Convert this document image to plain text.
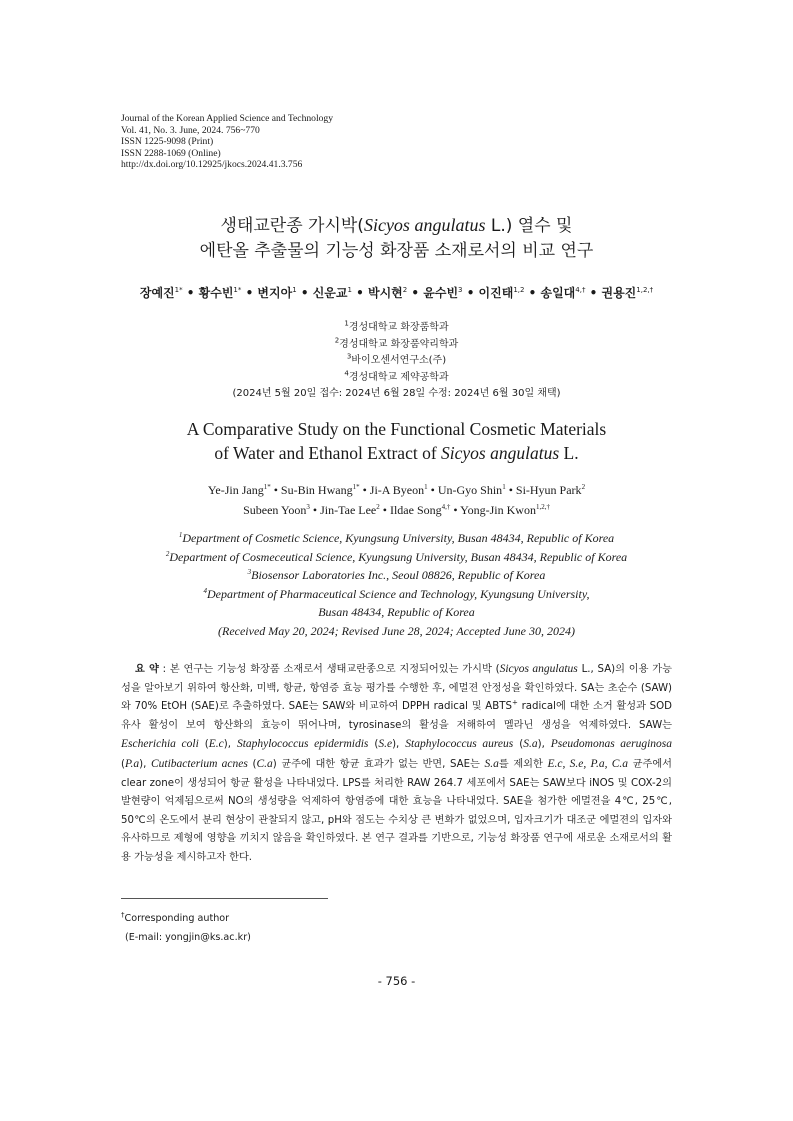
Journal of the Korean Applied Science and Technology
Vol. 41, No. 3. June, 2024. 756~770
ISSN 1225-9098 (Print)
ISSN 2288-1069 (Online)
http://dx.doi.org/10.12925/jkocs.2024.41.3.756
생태교란종 가시박(Sicyos angulatus L.) 열수 및
에탄올 추출물의 기능성 화장품 소재로서의 비교 연구
장예진$^{1*}$ • 황수빈$^{1*}$ • 변지아$^1$ • 신운교$^1$ • 박시현$^2$ • 윤수빈$^3$ • 이진태$^{1,2}$ • 송일대$^{4,\dagger}$ • 권용진$^{1,2,\dagger}$
$^1$경성대학교 화장품학과
$^2$경성대학교 화장품약리학과
$^3$바이오센서연구소(주)
$^4$경성대학교 제약공학과
(2024년 5월 20일 접수: 2024년 6월 28일 수정: 2024년 6월 30일 채택)
A Comparative Study on the Functional Cosmetic Materials
of Water and Ethanol Extract of Sicyos angulatus L.
Ye-Jin Jang$^{1*}$ • Su-Bin Hwang$^{1*}$ • Ji-A Byeon$^1$ • Un-Gyo Shin$^1$ • Si-Hyun Park$^2$
Subeen Yoon$^3$ • Jin-Tae Lee$^2$ • Ildae Song$^{4,\dagger}$ • Yong-Jin Kwon$^{1,2,\dagger}$
$^1$Department of Cosmetic Science, Kyungsung University, Busan 48434, Republic of Korea
$^2$Department of Cosmeceutical Science, Kyungsung University, Busan 48434, Republic of Korea
$^3$Biosensor Laboratories Inc., Seoul 08826, Republic of Korea
$^4$Department of Pharmaceutical Science and Technology, Kyungsung University,
Busan 48434, Republic of Korea
(Received May 20, 2024; Revised June 28, 2024; Accepted June 30, 2024)
요 약 : 본 연구는 기능성 화장품 소재로서 생태교란종으로 지정되어있는 가시박 (Sicyos angulatus L., SA)의 이용 가능성을 알아보기 위하여 항산화, 미백, 항균, 항염증 효능 평가를 수행한 후, 에멀젼 안정성을 확인하였다. SA는 초순수 (SAW)와 70% EtOH (SAE)로 추출하였다. SAE는 SAW와 비교하여 DPPH radical 및 ABTS+ radical에 대한 소거 활성과 SOD 유사 활성이 보여 항산화의 효능이 뛰어나며, tyrosinase의 활성을 저해하여 멜라닌 생성을 억제하였다. SAW는 Escherichia coli (E.c), Staphylococcus epidermidis (S.e), Staphylococcus aureus (S.a), Pseudomonas aeruginosa (P.a), Cutibacterium acnes (C.a) 균주에 대한 항균 효과가 없는 반면, SAE는 S.a를 제외한 E.c, S.e, P.a, C.a 균주에서 clear zone이 생성되어 항균 활성을 나타내었다. LPS를 처리한 RAW 264.7 세포에서 SAE는 SAW보다 iNOS 및 COX-2의 발현량이 억제됨으로써 NO의 생성량을 억제하여 항염증에 대한 효능을 나타내었다. SAE을 첨가한 에멀젼을 4℃, 25℃, 50℃의 온도에서 분리 현상이 관찰되지 않고, pH와 점도는 수치상 큰 변화가 없었으며, 입자크기가 대조군 에멀젼의 입자와 유사하므로 제형에 영향을 끼치지 않음을 확인하였다. 본 연구 결과를 기반으로, 기능성 화장품 연구에 새로운 소재로서의 활용 가능성을 제시하고자 한다.
†Corresponding author
(E-mail: yongjin@ks.ac.kr)
- 756 -
